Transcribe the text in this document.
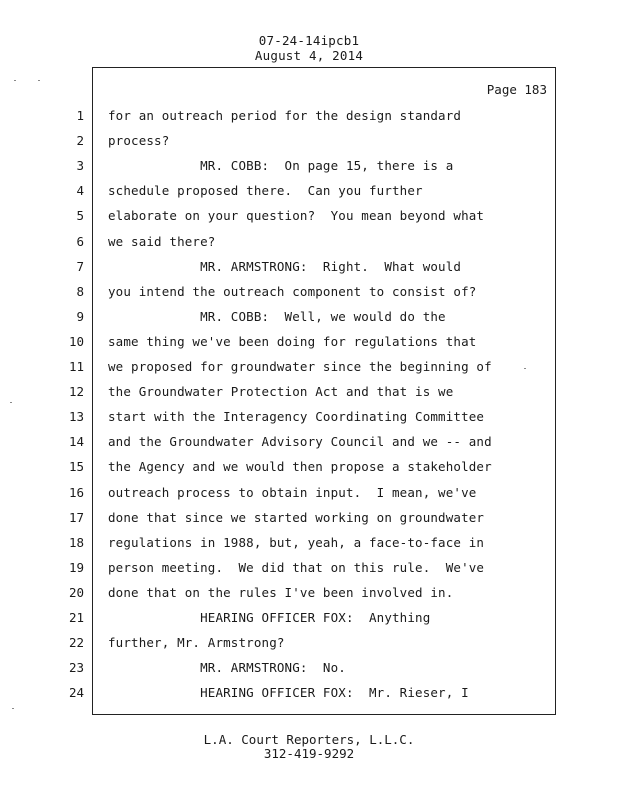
07-24-14ipcb1
August 4, 2014
Page 183
1 for an outreach period for the design standard
2 process?
3 MR. COBB:  On page 15, there is a
4 schedule proposed there.  Can you further
5 elaborate on your question?  You mean beyond what
6 we said there?
7 MR. ARMSTRONG:  Right.  What would
8 you intend the outreach component to consist of?
9 MR. COBB:  Well, we would do the
10 same thing we've been doing for regulations that
11 we proposed for groundwater since the beginning of
12 the Groundwater Protection Act and that is we
13 start with the Interagency Coordinating Committee
14 and the Groundwater Advisory Council and we -- and
15 the Agency and we would then propose a stakeholder
16 outreach process to obtain input.  I mean, we've
17 done that since we started working on groundwater
18 regulations in 1988, but, yeah, a face-to-face in
19 person meeting.  We did that on this rule.  We've
20 done that on the rules I've been involved in.
21 HEARING OFFICER FOX:  Anything
22 further, Mr. Armstrong?
23 MR. ARMSTRONG:  No.
24 HEARING OFFICER FOX:  Mr. Rieser, I
L.A. Court Reporters, L.L.C.
312-419-9292
